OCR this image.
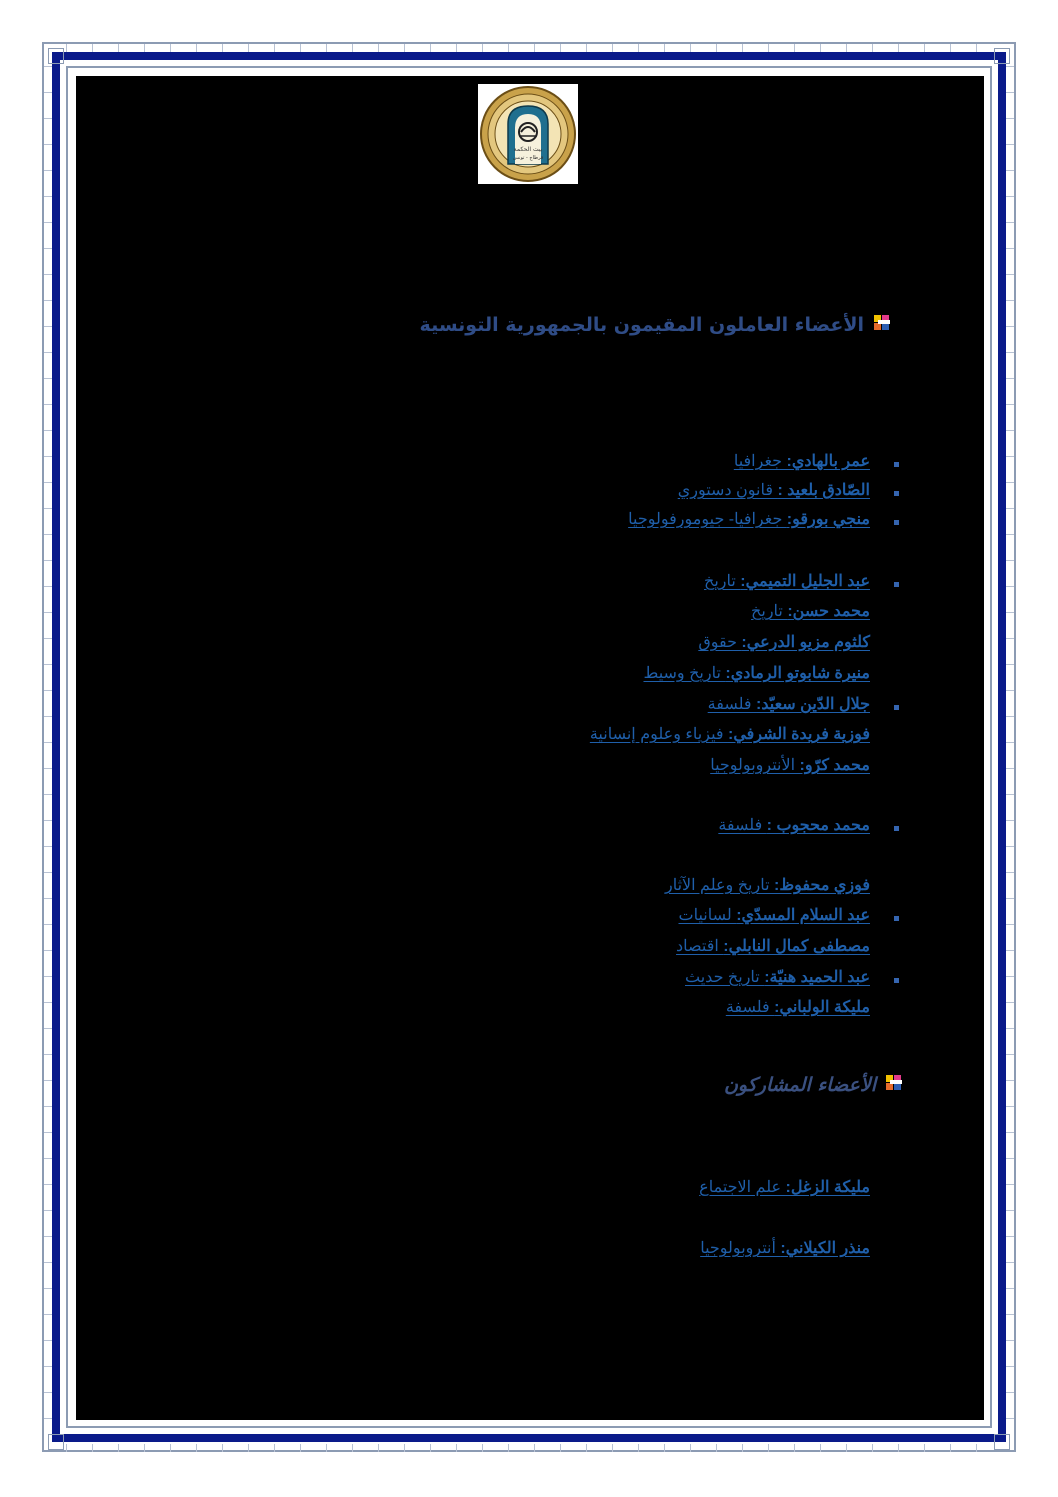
بيت الحكمة
قرطاج - تونس
الأعضاء العاملون المقيمون بالجمهورية التونسية
عمر بالهادي: جغرافيا
الصّادق بلعيد : قانون دستوري
منجي بورقو: جغرافيا- جيومورفولوجيا
عبد الجليل التميمي: تاريخ
محمد حسن: تاريخ
كلثوم مزيو الدرعي: حقوق
منيرة شابوتو الرمادي: تاريخ وسيط
جلال الدّين سعيّد: فلسفة
فوزية فريدة الشرفي: فيزياء وعلوم إنسانية
محمد كرّو: الأنتروبولوجيا
محمد محجوب : فلسفة
فوزي محفوظ: تاريخ وعلم الآثار
عبد السلام المسدّي: لسانيات
مصطفى كمال النابلي: اقتصاد
عبد الحميد هنيّة: تاريخ حديث
مليكة الولباني: فلسفة
الأعضاء المشاركون
مليكة الزغل: علم الاجتماع
منذر الكيلاني: أنتروبولوجيا
